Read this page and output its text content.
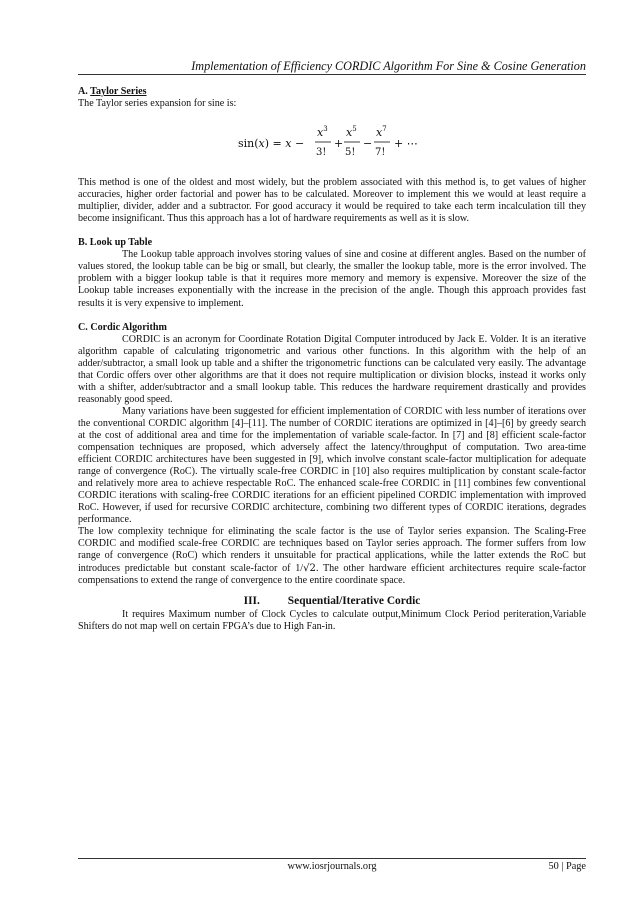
Implementation of Efficiency CORDIC Algorithm For Sine & Cosine Generation
A. Taylor Series

The Taylor series expansion for sine is:

sin(x) = x −
$x^3$
3!
+
$x^5$
5!
−
$x^7$
7!
+ ⋯

This method is one of the oldest and most widely, but the problem associated with this method is, to get values of higher accuracies, higher order factorial and power has to be calculated. Moreover to implement this we would at least require a multiplier, divider, adder and a subtractor. For good accuracy it would be required to take each term incalculation till they become insignificant. Thus this approach has a lot of hardware requirements as well as it is slow.

B. Look up Table

The Lookup table approach involves storing values of sine and cosine at different angles. Based on the number of values stored, the lookup table can be big or small, but clearly, the smaller the lookup table, more is the error involved. The problem with a bigger lookup table is that it requires more memory and memory is expensive. Moreover the size of the Lookup table increases exponentially with the increase in the precision of the angle. Though this approach provides fast results it is very expensive to implement.

C. Cordic Algorithm

CORDIC is an acronym for Coordinate Rotation Digital Computer introduced by Jack E. Volder. It is an iterative algorithm capable of calculating trigonometric and various other functions. In this algorithm with the help of an adder/subtractor, a small look up table and a shifter the trigonometric functions can be calculated very easily. The advantage that Cordic offers over other algorithms are that it does not require multiplication or division blocks, instead it works only with a shifter, adder/subtractor and a small lookup table. This reduces the hardware requirement drastically and provides reasonably good speed.

Many variations have been suggested for efficient implementation of CORDIC with less number of iterations over the conventional CORDIC algorithm [4]–[11]. The number of CORDIC iterations are optimized in [4]–[6] by greedy search at the cost of additional area and time for the implementation of variable scale-factor. In [7] and [8] efficient scale-factor compensation techniques are proposed, which adversely affect the latency/throughput of computation. Two area-time efficient CORDIC architectures have been suggested in [9], which involve constant scale-factor multiplication for adequate range of convergence (RoC). The virtually scale-free CORDIC in [10] also requires multiplication by constant scale-factor and relatively more area to achieve respectable RoC. The enhanced scale-free CORDIC in [11] combines few conventional CORDIC iterations with scaling-free CORDIC iterations for an efficient pipelined CORDIC implementation with improved RoC. However, if used for recursive CORDIC architecture, combining two different types of CORDIC iterations, degrades performance.

The low complexity technique for eliminating the scale factor is the use of Taylor series expansion. The Scaling-Free CORDIC and modified scale-free CORDIC are techniques based on Taylor series approach. The former suffers from low range of convergence (RoC) which renders it unsuitable for practical applications, while the latter extends the RoC but introduces predictable but constant scale-factor of 1/√2. The other hardware efficient architectures require scale-factor compensations to extend the range of convergence to the entire coordinate space.

III. Sequential/Iterative Cordic

It requires Maximum number of Clock Cycles to calculate output,Minimum Clock Period periteration,Variable Shifters do not map well on certain FPGA’s due to High Fan-in.

www.iosrjournals.org	50 | Page
